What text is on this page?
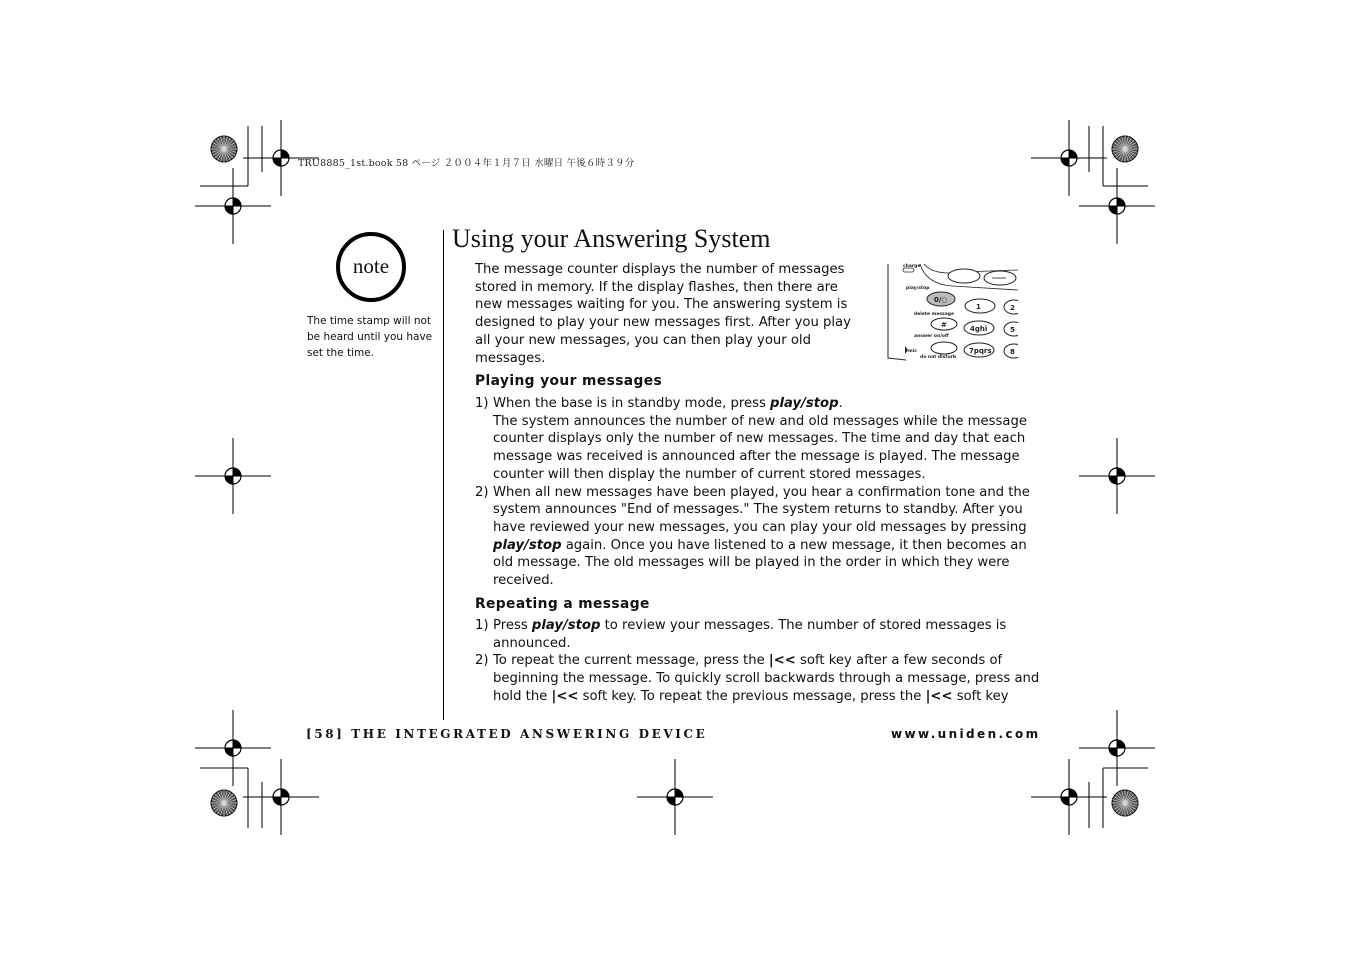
TRU8885_1st.book 58 ページ ２００４年１月７日 水曜日 午後６時３９分
note
The time stamp will not be heard until you have set the time.
Using your Answering System
The message counter displays the number of messages stored in memory. If the display flashes, then there are new messages waiting for you. The answering system is designed to play your new messages first. After you play all your new messages, you can then play your old messages.
charge
play/stop
0/○
delete message
#
answer on/off
mic
do not disturb
1	2
4ghi	5
7pqrs	8
Playing your messages
1) When the base is in standby mode, press play/stop.
The system announces the number of new and old messages while the message counter displays only the number of new messages. The time and day that each message was received is announced after the message is played. The message counter will then display the number of current stored messages.
2) When all new messages have been played, you hear a confirmation tone and the system announces "End of messages." The system returns to standby. After you have reviewed your new messages, you can play your old messages by pressing play/stop again. Once you have listened to a new message, it then becomes an old message. The old messages will be played in the order in which they were received.
Repeating a message
1) Press play/stop to review your messages. The number of stored messages is announced.
2) To repeat the current message, press the |<< soft key after a few seconds of beginning the message. To quickly scroll backwards through a message, press and hold the |<< soft key. To repeat the previous message, press the |<< soft key
[58] THE INTEGRATED ANSWERING DEVICE	www.uniden.com
